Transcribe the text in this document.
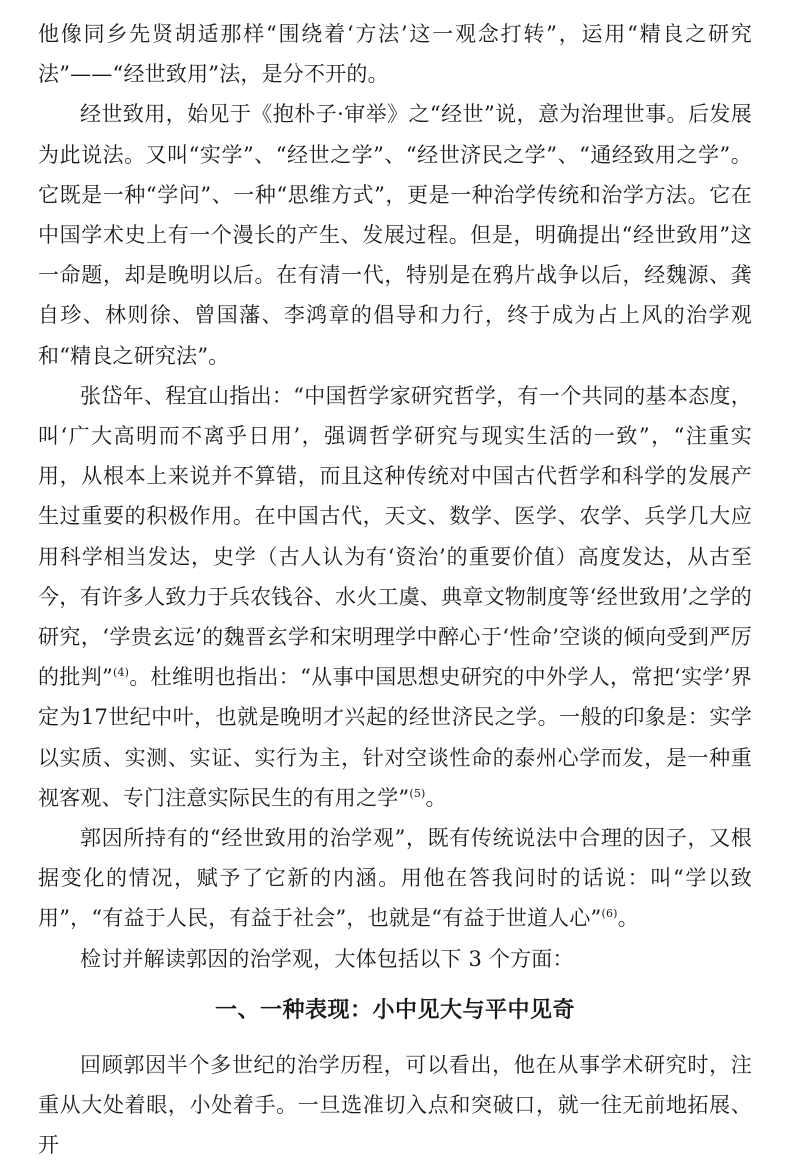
他像同乡先贤胡适那样“围绕着‘方法’这一观念打转”，运用“精良之研究法”——“经世致用”法，是分不开的。

经世致用，始见于《抱朴子·审举》之“经世”说，意为治理世事。后发展为此说法。又叫“实学”、“经世之学”、“经世济民之学”、“通经致用之学”。它既是一种“学问”、一种“思维方式”，更是一种治学传统和治学方法。它在中国学术史上有一个漫长的产生、发展过程。但是，明确提出“经世致用”这一命题，却是晚明以后。在有清一代，特别是在鸦片战争以后，经魏源、龚自珍、林则徐、曾国藩、李鸿章的倡导和力行，终于成为占上风的治学观和“精良之研究法”。

张岱年、程宜山指出：“中国哲学家研究哲学，有一个共同的基本态度，叫‘广大高明而不离乎日用’，强调哲学研究与现实生活的一致”，“注重实用，从根本上来说并不算错，而且这种传统对中国古代哲学和科学的发展产生过重要的积极作用。在中国古代，天文、数学、医学、农学、兵学几大应用科学相当发达，史学（古人认为有‘资治’的重要价值）高度发达，从古至今，有许多人致力于兵农钱谷、水火工虞、典章文物制度等‘经世致用’之学的研究，‘学贵玄远’的魏晋玄学和宋明理学中醉心于‘性命’空谈的倾向受到严厉的批判”$^{(4)}$。杜维明也指出：“从事中国思想史研究的中外学人，常把‘实学’界定为17世纪中叶，也就是晚明才兴起的经世济民之学。一般的印象是：实学以实质、实测、实证、实行为主，针对空谈性命的泰州心学而发，是一种重视客观、专门注意实际民生的有用之学”$^{(5)}$。

郭因所持有的“经世致用的治学观”，既有传统说法中合理的因子，又根据变化的情况，赋予了它新的内涵。用他在答我问时的话说：叫“学以致用”，“有益于人民，有益于社会”，也就是“有益于世道人心”$^{(6)}$。

检讨并解读郭因的治学观，大体包括以下 3 个方面：

一、一种表现：小中见大与平中见奇

回顾郭因半个多世纪的治学历程，可以看出，他在从事学术研究时，注重从大处着眼，小处着手。一旦选准切入点和突破口，就一往无前地拓展、开
